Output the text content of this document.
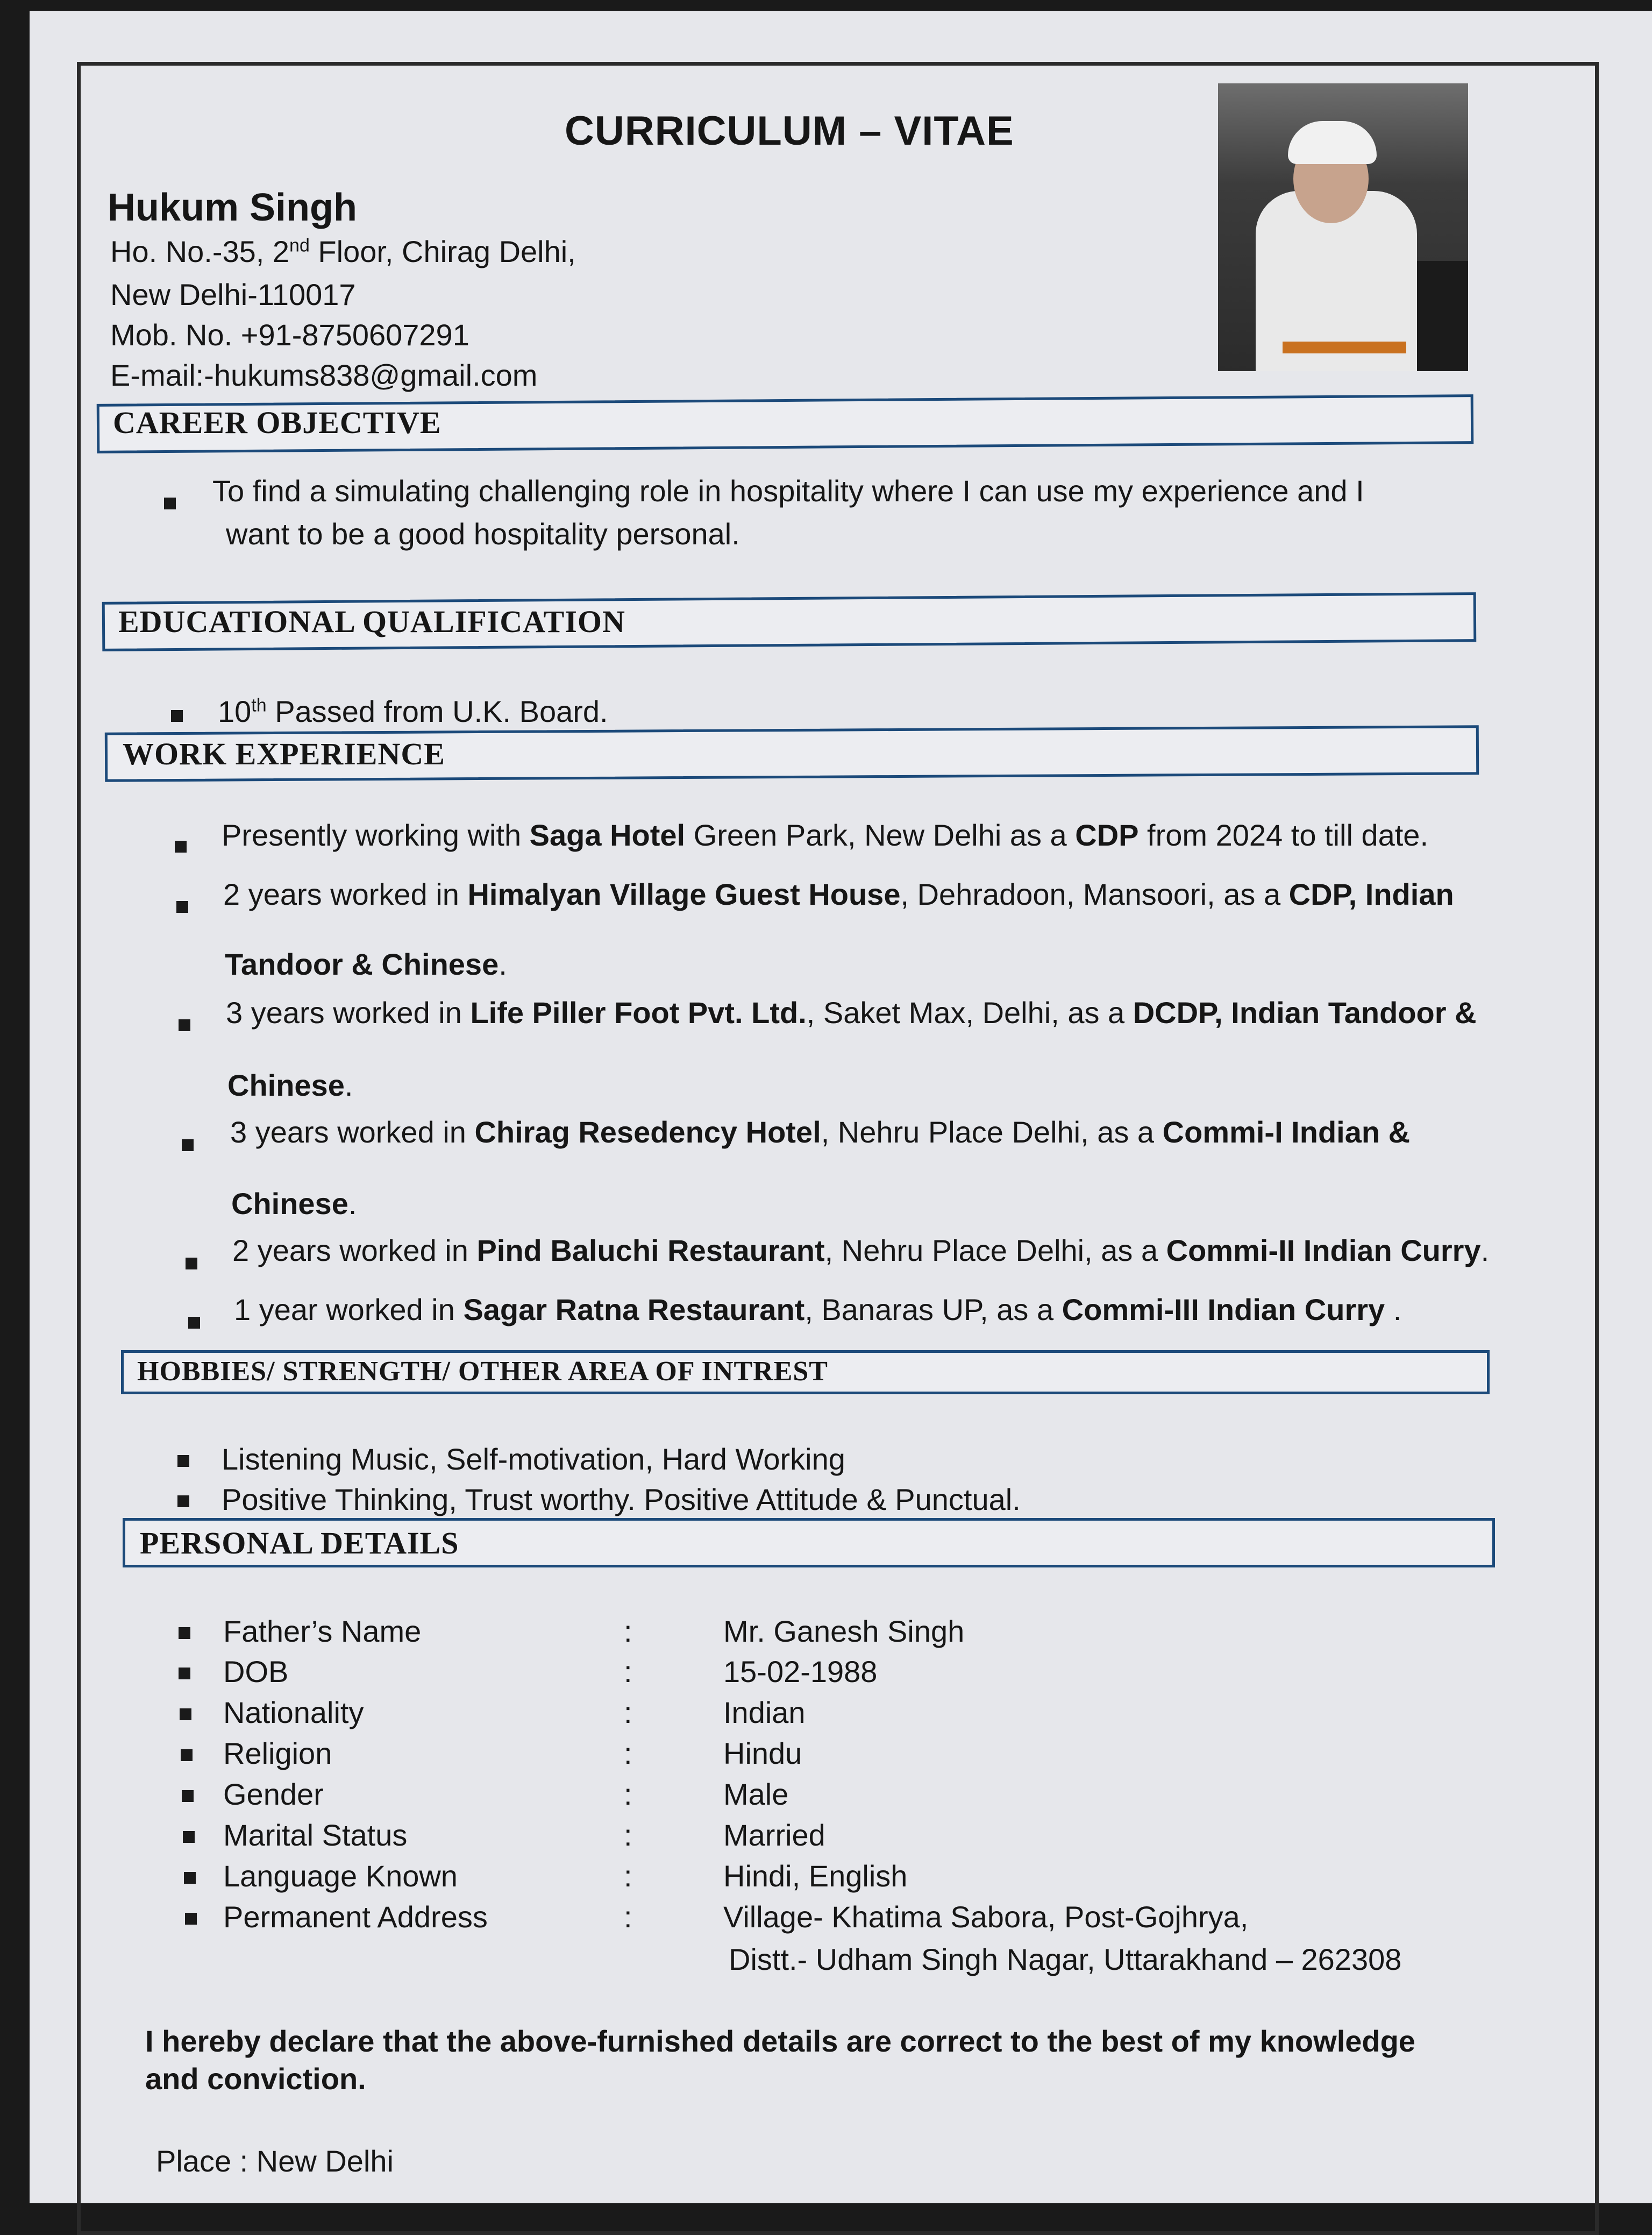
CURRICULUM – VITAE
Hukum Singh
Ho. No.-35, 2nd Floor, Chirag Delhi,
New Delhi-110017
Mob. No. +91-8750607291
E-mail:-hukums838@gmail.com
CAREER OBJECTIVE
To find a simulating challenging role in hospitality where I can use my experience and I
want to be a good hospitality personal.
EDUCATIONAL QUALIFICATION
10th Passed from U.K. Board.
WORK EXPERIENCE
Presently working with Saga Hotel Green Park, New Delhi as a CDP from 2024 to till date.
2 years worked in Himalyan Village Guest House, Dehradoon, Mansoori, as a CDP, Indian
Tandoor & Chinese.
3 years worked in Life Piller Foot Pvt. Ltd., Saket Max, Delhi, as a DCDP, Indian Tandoor &
Chinese.
3 years worked in Chirag Resedency Hotel, Nehru Place Delhi, as a Commi-I Indian &
Chinese.
2 years worked in Pind Baluchi Restaurant, Nehru Place Delhi, as a Commi-II Indian Curry.
1 year worked in Sagar Ratna Restaurant, Banaras UP, as a Commi-III Indian Curry .
HOBBIES/ STRENGTH/ OTHER AREA OF INTREST
Listening Music, Self-motivation, Hard Working
Positive Thinking, Trust worthy. Positive Attitude & Punctual.
PERSONAL DETAILS
Father’s Name	:	Mr. Ganesh Singh
DOB	:	15-02-1988
Nationality	:	Indian
Religion	:	Hindu
Gender	:	Male
Marital Status	:	Married
Language Known	:	Hindi, English
Permanent Address	:	Village- Khatima Sabora, Post-Gojhrya,
Distt.- Udham Singh Nagar, Uttarakhand – 262308
I hereby declare that the above-furnished details are correct to the best of my knowledge and conviction.
Place : New Delhi
